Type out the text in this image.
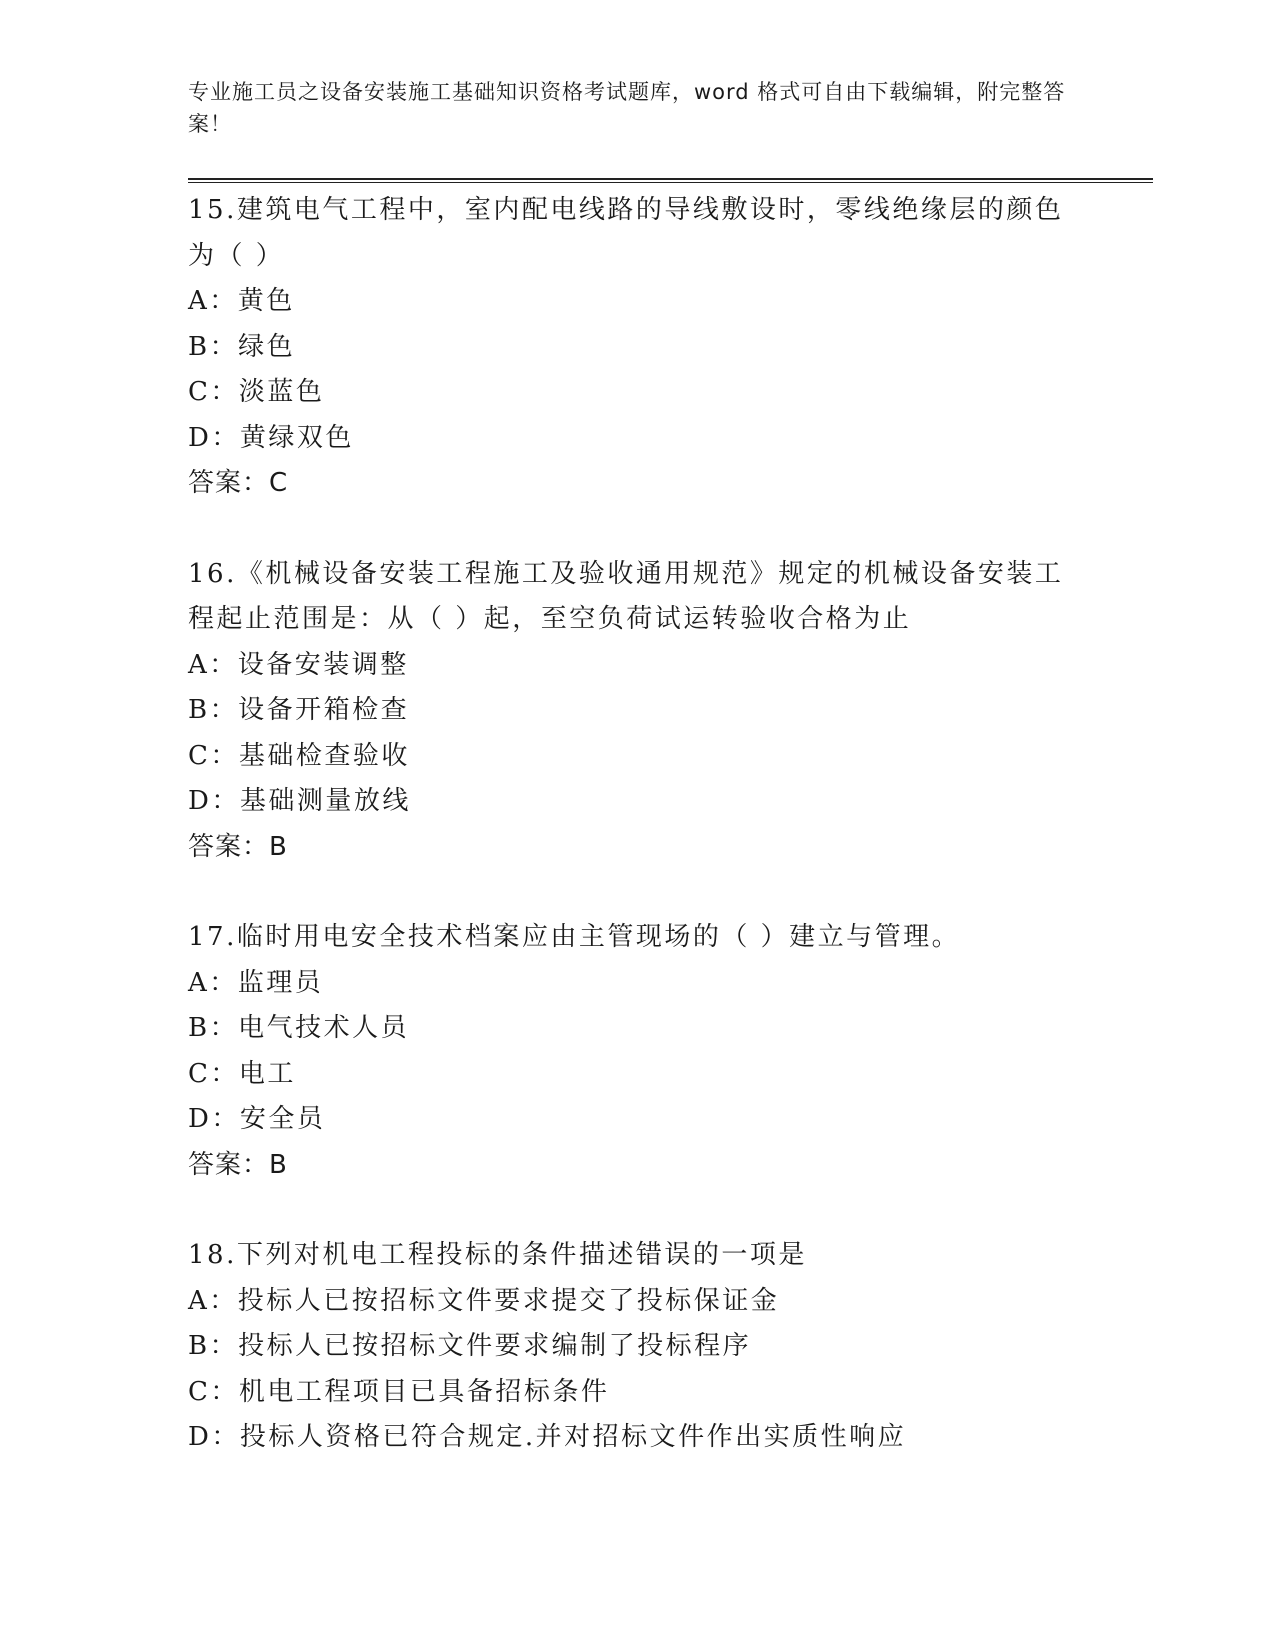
专业施工员之设备安装施工基础知识资格考试题库，word 格式可自由下载编辑，附完整答案！

15.建筑电气工程中，室内配电线路的导线敷设时，零线绝缘层的颜色为（ ）

A：黄色

B：绿色

C：淡蓝色

D：黄绿双色

答案：C

16.《机械设备安装工程施工及验收通用规范》规定的机械设备安装工程起止范围是：从（ ）起，至空负荷试运转验收合格为止

A：设备安装调整

B：设备开箱检查

C：基础检查验收

D：基础测量放线

答案：B

17.临时用电安全技术档案应由主管现场的（ ）建立与管理。

A：监理员

B：电气技术人员

C：电工

D：安全员

答案：B

18.下列对机电工程投标的条件描述错误的一项是

A：投标人已按招标文件要求提交了投标保证金

B：投标人已按招标文件要求编制了投标程序

C：机电工程项目已具备招标条件

D：投标人资格已符合规定.并对招标文件作出实质性响应
